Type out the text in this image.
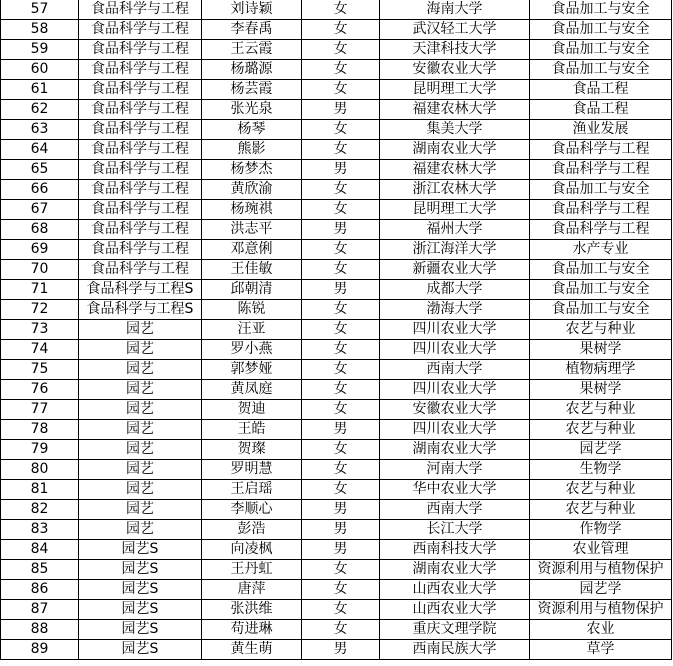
57	食品科学与工程	刘诗颖	女	海南大学	食品加工与安全
58	食品科学与工程	李春禹	女	武汉轻工大学	食品加工与安全
59	食品科学与工程	王云霞	女	天津科技大学	食品加工与安全
60	食品科学与工程	杨璐源	女	安徽农业大学	食品加工与安全
61	食品科学与工程	杨芸霞	女	昆明理工大学	食品工程
62	食品科学与工程	张光泉	男	福建农林大学	食品工程
63	食品科学与工程	杨琴	女	集美大学	渔业发展
64	食品科学与工程	熊影	女	湖南农业大学	食品科学与工程
65	食品科学与工程	杨梦杰	男	福建农林大学	食品科学与工程
66	食品科学与工程	黄欣渝	女	浙江农林大学	食品加工与安全
67	食品科学与工程	杨琬祺	女	昆明理工大学	食品科学与工程
68	食品科学与工程	洪志平	男	福州大学	食品科学与工程
69	食品科学与工程	邓意俐	女	浙江海洋大学	水产专业
70	食品科学与工程	王佳敏	女	新疆农业大学	食品加工与安全
71	食品科学与工程S	邱朝清	男	成都大学	食品加工与安全
72	食品科学与工程S	陈锐	女	渤海大学	食品加工与安全
73	园艺	汪亚	女	四川农业大学	农艺与种业
74	园艺	罗小燕	女	四川农业大学	果树学
75	园艺	郭梦娅	女	西南大学	植物病理学
76	园艺	黄凤庭	女	四川农业大学	果树学
77	园艺	贺迪	女	安徽农业大学	农艺与种业
78	园艺	王皓	男	四川农业大学	农艺与种业
79	园艺	贺璨	女	湖南农业大学	园艺学
80	园艺	罗明慧	女	河南大学	生物学
81	园艺	王启瑶	女	华中农业大学	农艺与种业
82	园艺	李顺心	男	西南大学	农艺与种业
83	园艺	彭浩	男	长江大学	作物学
84	园艺S	向凌枫	男	西南科技大学	农业管理
85	园艺S	王丹虹	女	湖南农业大学	资源利用与植物保护
86	园艺S	唐萍	女	山西农业大学	园艺学
87	园艺S	张洪维	女	山西农业大学	资源利用与植物保护
88	园艺S	苟进琳	女	重庆文理学院	农业
89	园艺S	黄生萌	男	西南民族大学	草学
